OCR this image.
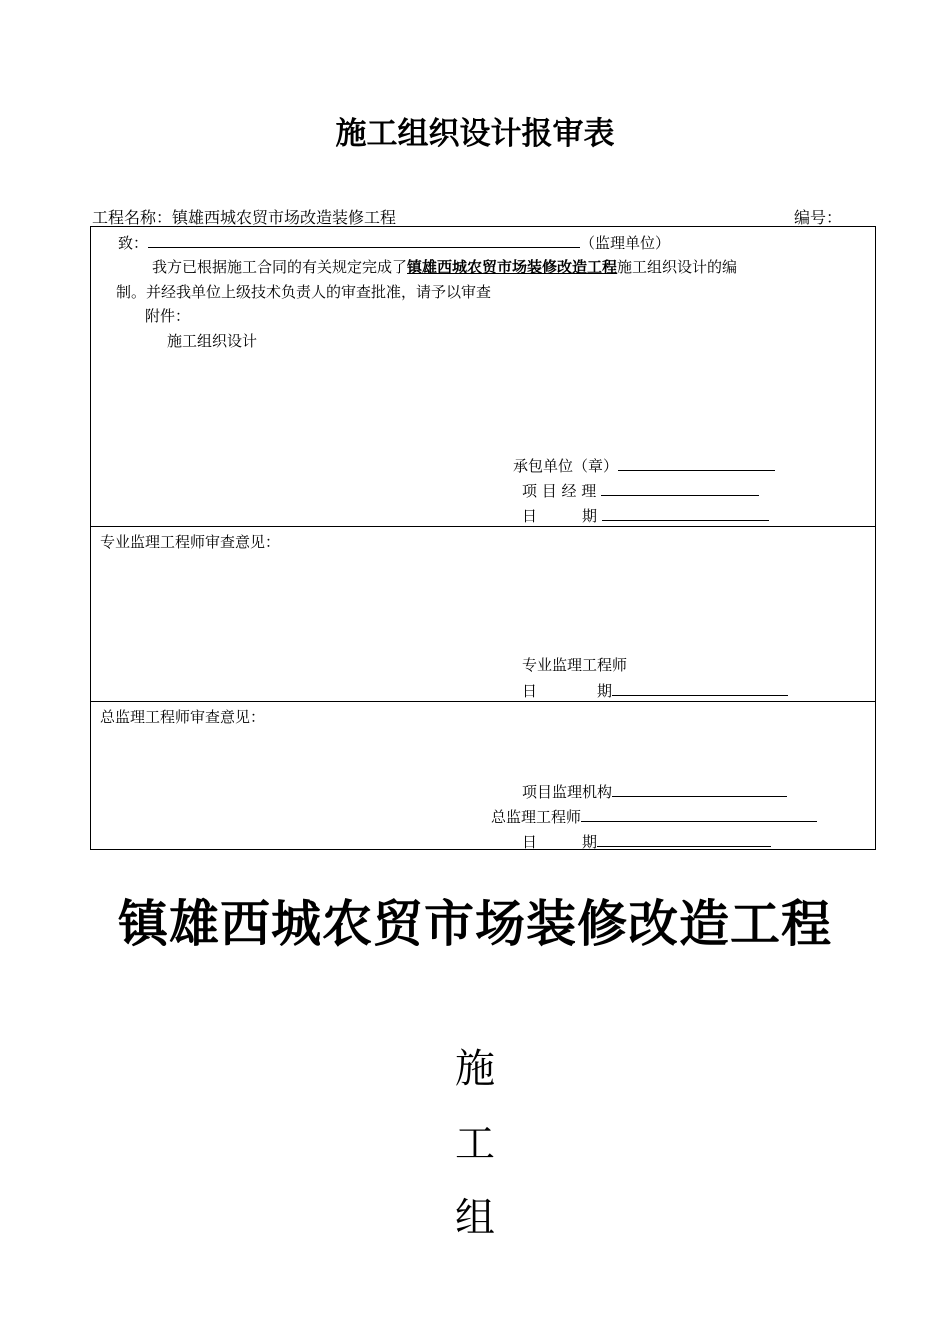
施工组织设计报审表
工程名称：镇雄西城农贸市场改造装修工程	编号：
致：	（监理单位）
我方已根据施工合同的有关规定完成了镇雄西城农贸市场装修改造工程施工组织设计的编
制。并经我单位上级技术负责人的审查批准，请予以审查
附件：
施工组织设计
承包单位（章）
项 目 经 理
日　　　期
专业监理工程师审查意见：
专业监理工程师
日　　　　期
总监理工程师审查意见：
项目监理机构
总监理工程师
日　　　期
镇雄西城农贸市场装修改造工程
施
工
组
